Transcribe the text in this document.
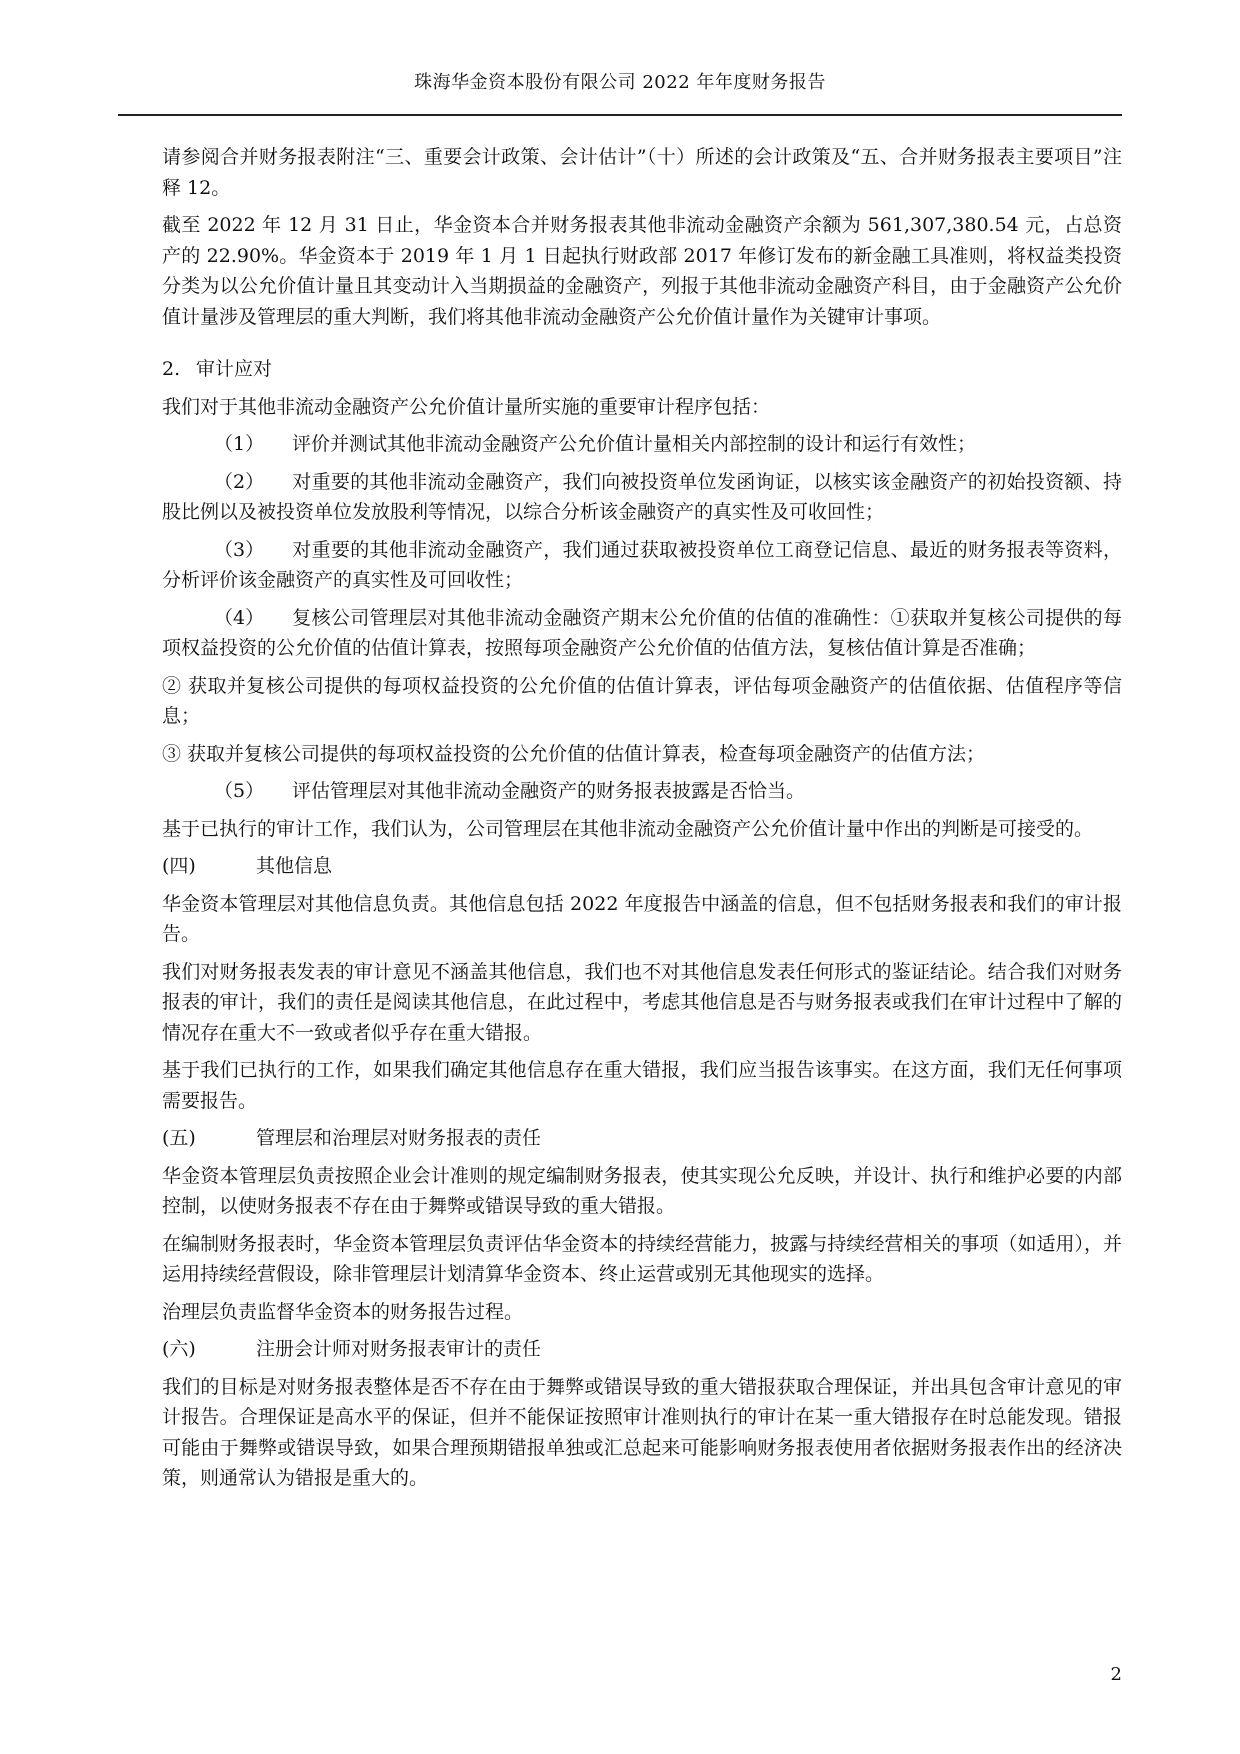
珠海华金资本股份有限公司 2022 年年度财务报告

请参阅合并财务报表附注“三、重要会计政策、会计估计”（十）所述的会计政策及“五、合并财务报表主要项目”注释 12。

截至 2022 年 12 月 31 日止，华金资本合并财务报表其他非流动金融资产余额为 561,307,380.54 元，占总资产的 22.90%。华金资本于 2019 年 1 月 1 日起执行财政部 2017 年修订发布的新金融工具准则，将权益类投资分类为以公允价值计量且其变动计入当期损益的金融资产，列报于其他非流动金融资产科目，由于金融资产公允价值计量涉及管理层的重大判断，我们将其他非流动金融资产公允价值计量作为关键审计事项。

2. 审计应对

我们对于其他非流动金融资产公允价值计量所实施的重要审计程序包括：

（1） 评价并测试其他非流动金融资产公允价值计量相关内部控制的设计和运行有效性；

（2） 对重要的其他非流动金融资产，我们向被投资单位发函询证，以核实该金融资产的初始投资额、持股比例以及被投资单位发放股利等情况，以综合分析该金融资产的真实性及可收回性；

（3） 对重要的其他非流动金融资产，我们通过获取被投资单位工商登记信息、最近的财务报表等资料，分析评价该金融资产的真实性及可回收性；

（4） 复核公司管理层对其他非流动金融资产期末公允价值的估值的准确性：①获取并复核公司提供的每项权益投资的公允价值的估值计算表，按照每项金融资产公允价值的估值方法，复核估值计算是否准确；

② 获取并复核公司提供的每项权益投资的公允价值的估值计算表，评估每项金融资产的估值依据、估值程序等信息；

③ 获取并复核公司提供的每项权益投资的公允价值的估值计算表，检查每项金融资产的估值方法；

（5） 评估管理层对其他非流动金融资产的财务报表披露是否恰当。

基于已执行的审计工作，我们认为，公司管理层在其他非流动金融资产公允价值计量中作出的判断是可接受的。

(四)	其他信息

华金资本管理层对其他信息负责。其他信息包括 2022 年度报告中涵盖的信息，但不包括财务报表和我们的审计报告。

我们对财务报表发表的审计意见不涵盖其他信息，我们也不对其他信息发表任何形式的鉴证结论。结合我们对财务报表的审计，我们的责任是阅读其他信息，在此过程中，考虑其他信息是否与财务报表或我们在审计过程中了解的情况存在重大不一致或者似乎存在重大错报。

基于我们已执行的工作，如果我们确定其他信息存在重大错报，我们应当报告该事实。在这方面，我们无任何事项需要报告。

(五)	管理层和治理层对财务报表的责任

华金资本管理层负责按照企业会计准则的规定编制财务报表，使其实现公允反映，并设计、执行和维护必要的内部控制，以使财务报表不存在由于舞弊或错误导致的重大错报。

在编制财务报表时，华金资本管理层负责评估华金资本的持续经营能力，披露与持续经营相关的事项（如适用），并运用持续经营假设，除非管理层计划清算华金资本、终止运营或别无其他现实的选择。

治理层负责监督华金资本的财务报告过程。

(六)	注册会计师对财务报表审计的责任

我们的目标是对财务报表整体是否不存在由于舞弊或错误导致的重大错报获取合理保证，并出具包含审计意见的审计报告。合理保证是高水平的保证，但并不能保证按照审计准则执行的审计在某一重大错报存在时总能发现。错报可能由于舞弊或错误导致，如果合理预期错报单独或汇总起来可能影响财务报表使用者依据财务报表作出的经济决策，则通常认为错报是重大的。

2
